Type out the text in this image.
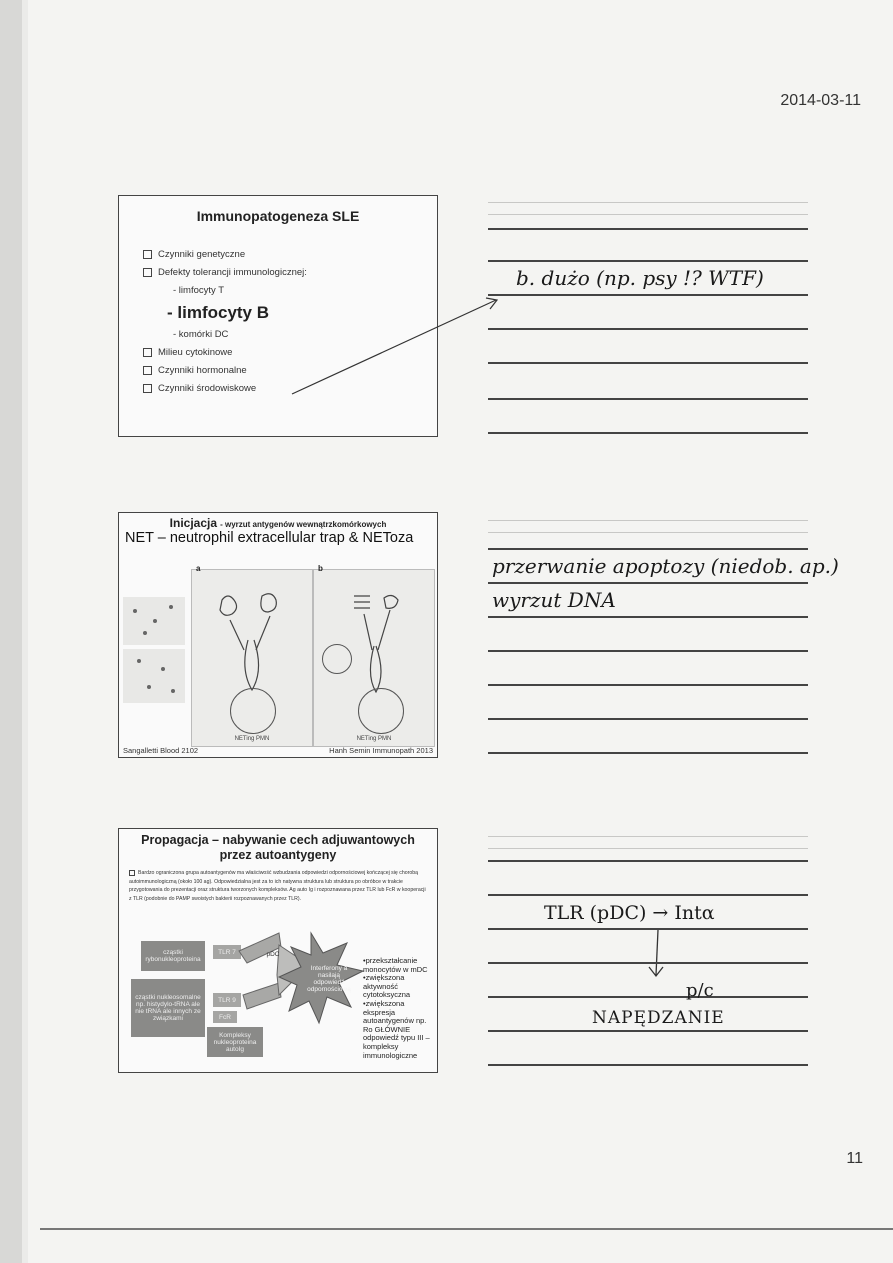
2014-03-11
Immunopatogeneza SLE
Czynniki genetyczne
Defekty tolerancji immunologicznej:
- limfocyty T
- limfocyty B
- komórki DC
Milieu cytokinowe
Czynniki hormonalne
Czynniki środowiskowe
Inicjacja - wyrzut antygenów wewnątrzkomórkowych
NET – neutrophil extracellular trap & NEToza
a
NETing PMN
b
NETing PMN
Sangalletti Blood 2102	Hanh Semin Immunopath 2013
Propagacja – nabywanie cech adjuwantowych przez autoantygeny
Bardzo ograniczona grupa autoantygenów ma właściwość wzbudzania odpowiedzi odpornościowej kończącej się chorobą autoimmunologiczną (około 100 ag). Odpowiedzialna jest za to ich natywna struktura lub struktura po obróbce w trakcie przygotowania do prezentacji oraz struktura tworzonych kompleksów. Ag auto Ig i rozpoznawana przez TLR lub FcR w kooperacji z TLR (podobnie do PAMP swoistych bakterii rozpoznawanych przez TLR).
cząstki rybonukleoproteina
cząstki nukleosomalne np. histydylo-tRNA ale nie tRNA ale innych ze związkami
TLR 7
TLR 9
FcR
Kompleksy nukleoproteina autoIg
pDC
Interferony a nasilają odpowiedź odpornościową
•przekształcanie monocytów w mDC •zwiększona aktywność cytotoksyczna •zwiększona ekspresja autoantygenów np. Ro GŁÓWNIE odpowiedź typu III – kompleksy immunologiczne
b. dużo (np. psy !? WTF)
przerwanie apoptozy (niedob. ap.)
wyrzut DNA
TLR (pDC) → Intα
p/c
NAPĘDZANIE
11
